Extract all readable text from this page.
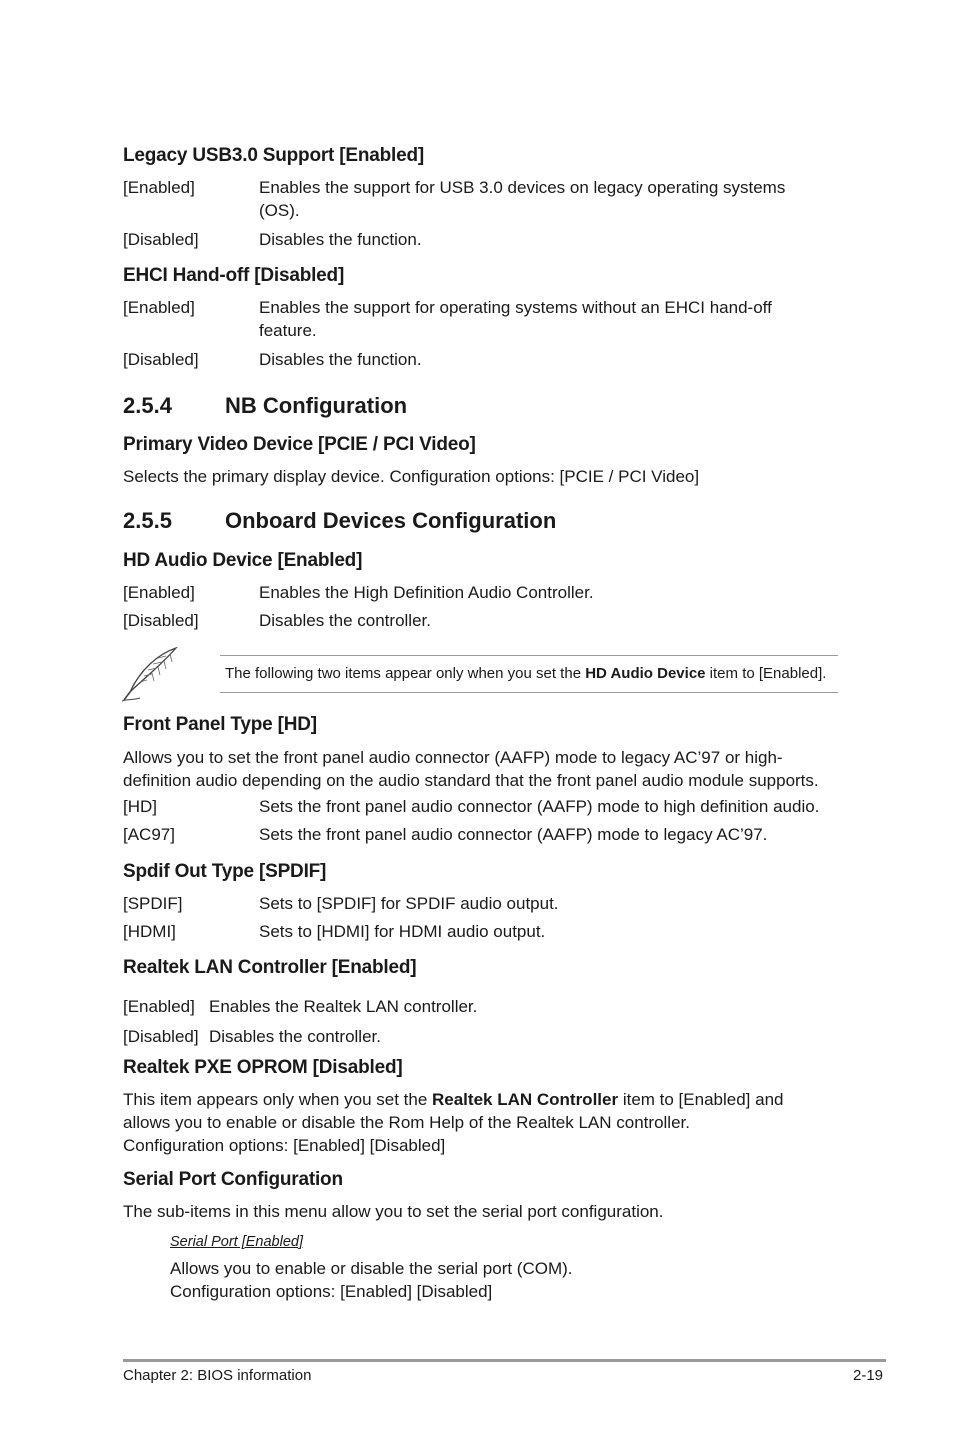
Legacy USB3.0 Support [Enabled]
[Enabled]	Enables the support for USB 3.0 devices on legacy operating systems
(OS).
[Disabled]	Disables the function.
EHCI Hand-off [Disabled]
[Enabled]	Enables the support for operating systems without an EHCI hand-off
feature.
[Disabled]	Disables the function.
2.5.4 NB Configuration
Primary Video Device [PCIE / PCI Video]
Selects the primary display device. Configuration options: [PCIE / PCI Video]
2.5.5 Onboard Devices Configuration
HD Audio Device [Enabled]
[Enabled]	Enables the High Definition Audio Controller.
[Disabled]	Disables the controller.
The following two items appear only when you set the HD Audio Device item to [Enabled].
Front Panel Type [HD]
Allows you to set the front panel audio connector (AAFP) mode to legacy AC’97 or high-
definition audio depending on the audio standard that the front panel audio module supports.
[HD]	Sets the front panel audio connector (AAFP) mode to high definition audio.
[AC97]	Sets the front panel audio connector (AAFP) mode to legacy AC’97.
Spdif Out Type [SPDIF]
[SPDIF]	Sets to [SPDIF] for SPDIF audio output.
[HDMI]	Sets to [HDMI] for HDMI audio output.
Realtek LAN Controller [Enabled]
[Enabled] Enables the Realtek LAN controller.
[Disabled] Disables the controller.
Realtek PXE OPROM [Disabled]
This item appears only when you set the Realtek LAN Controller item to [Enabled] and
allows you to enable or disable the Rom Help of the Realtek LAN controller.
Configuration options: [Enabled] [Disabled]
Serial Port Configuration
The sub-items in this menu allow you to set the serial port configuration.
Serial Port [Enabled]
Allows you to enable or disable the serial port (COM).
Configuration options: [Enabled] [Disabled]
Chapter 2: BIOS information	2-19
